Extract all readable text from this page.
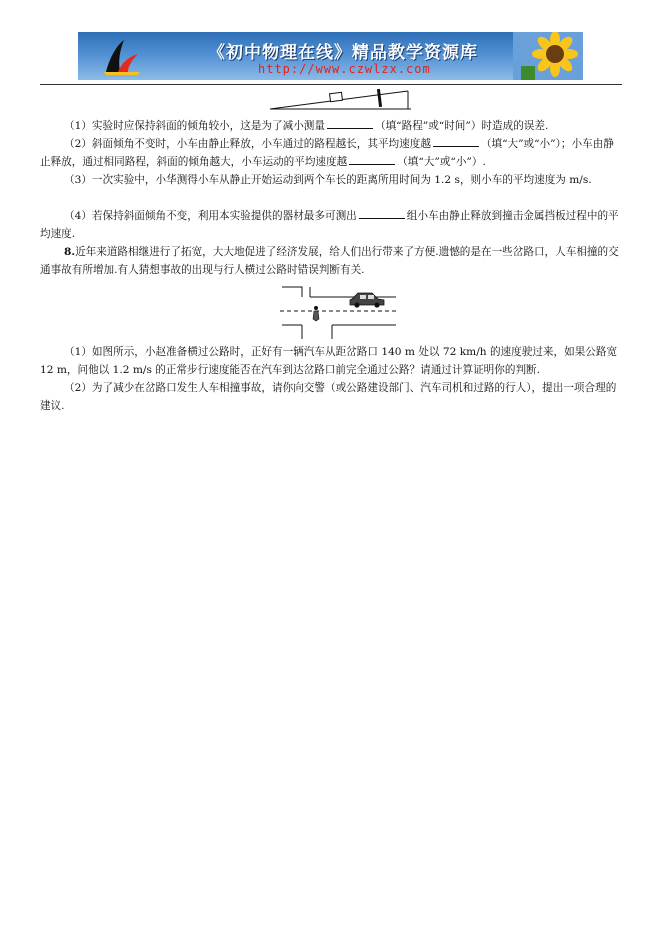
《初中物理在线》精品教学资源库
http://www.czwlzx.com

（1）实验时应保持斜面的倾角较小，这是为了减小测量	（填“路程”或“时间”）时造成的误差.

（2）斜面倾角不变时，小车由静止释放，小车通过的路程越长，其平均速度越	（填“大”或“小”）；小车由静止释放，通过相同路程，斜面的倾角越大，小车运动的平均速度越	（填“大”或“小”）.

（3）一次实验中，小华测得小车从静止开始运动到两个车长的距离所用时间为 1.2 s，则小车的平均速度为 m/s.

（4）若保持斜面倾角不变，利用本实验提供的器材最多可测出	组小车由静止释放到撞击金属挡板过程中的平均速度.

8.近年来道路相继进行了拓宽，大大地促进了经济发展，给人们出行带来了方便.遗憾的是在一些岔路口，人车相撞的交通事故有所增加.有人猜想事故的出现与行人横过公路时错误判断有关.

（1）如图所示，小赵准备横过公路时，正好有一辆汽车从距岔路口 140 m 处以 72 km/h 的速度驶过来，如果公路宽 12 m，问他以 1.2 m/s 的正常步行速度能否在汽车到达岔路口前完全通过公路？请通过计算证明你的判断.

（2）为了减少在岔路口发生人车相撞事故，请你向交警（或公路建设部门、汽车司机和过路的行人），提出一项合理的建议.
